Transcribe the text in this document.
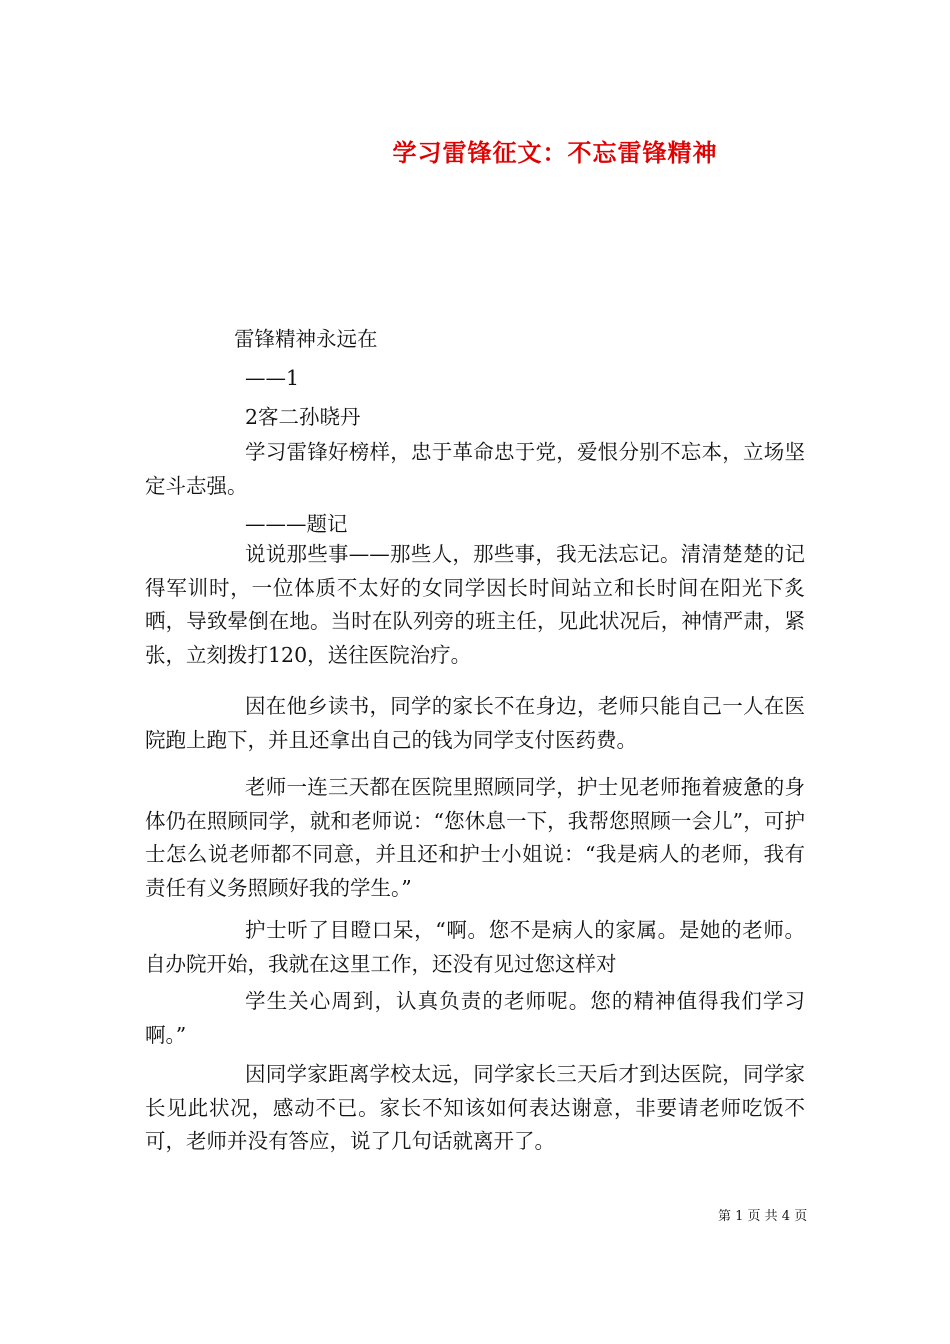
学习雷锋征文：不忘雷锋精神
雷锋精神永远在
——1
2客二孙晓丹
学习雷锋好榜样，忠于革命忠于党，爱恨分别不忘本，立场坚定斗志强。
———题记
说说那些事——那些人，那些事，我无法忘记。清清楚楚的记得军训时，一位体质不太好的女同学因长时间站立和长时间在阳光下炙晒，导致晕倒在地。当时在队列旁的班主任，见此状况后，神情严肃，紧张，立刻拨打120，送往医院治疗。
因在他乡读书，同学的家长不在身边，老师只能自己一人在医院跑上跑下，并且还拿出自己的钱为同学支付医药费。
老师一连三天都在医院里照顾同学，护士见老师拖着疲惫的身体仍在照顾同学，就和老师说：“您休息一下，我帮您照顾一会儿”，可护士怎么说老师都不同意，并且还和护士小姐说：“我是病人的老师，我有责任有义务照顾好我的学生。”
护士听了目瞪口呆，“啊。您不是病人的家属。是她的老师。自办院开始，我就在这里工作，还没有见过您这样对
学生关心周到，认真负责的老师呢。您的精神值得我们学习啊。”
因同学家距离学校太远，同学家长三天后才到达医院，同学家长见此状况，感动不已。家长不知该如何表达谢意，非要请老师吃饭不可，老师并没有答应，说了几句话就离开了。
第 1 页 共 4 页
